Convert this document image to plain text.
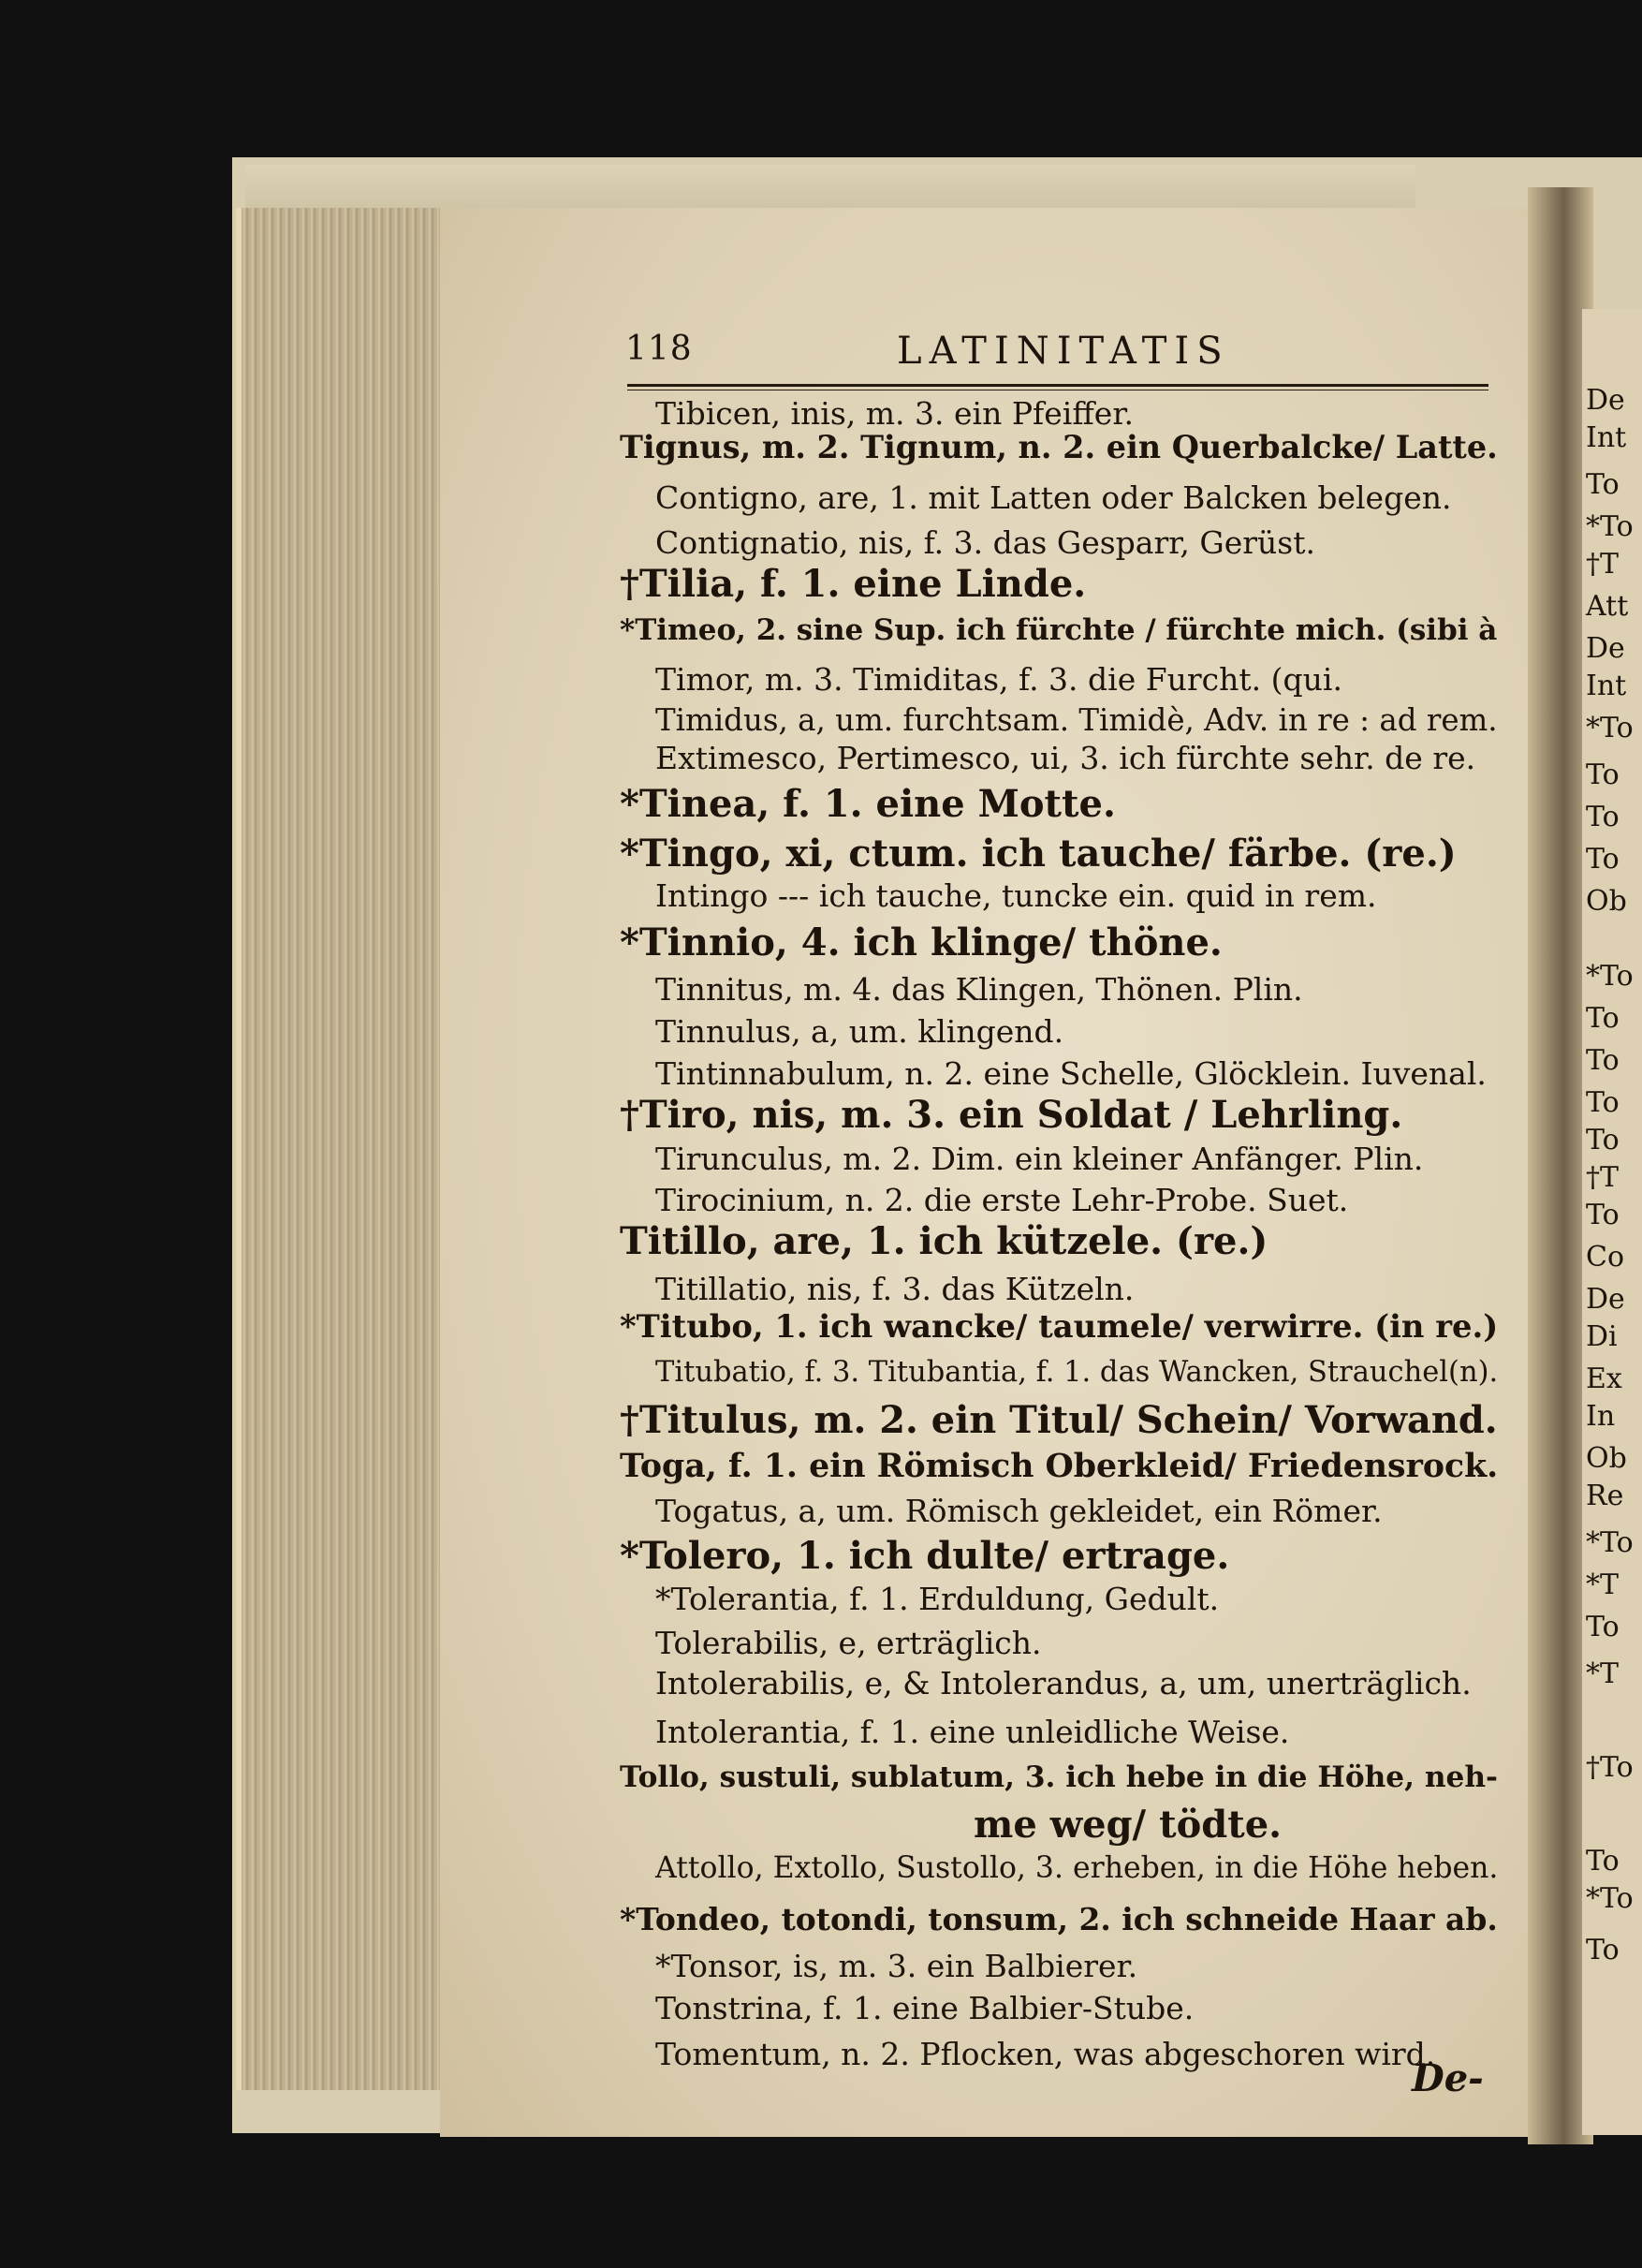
De
Int
To
*To
†T
Att
De
Int
*To
To
To
To
Ob
*To
To
To
To
To
†T
To
Co
De
Di
Ex
In
Ob
Re
*To
*T
To
*T
†To
To
*To
To
118	LATINITATIS
Tibicen, inis, m. 3. ein Pfeiffer.
Tignus, m. 2. Tignum, n. 2. ein Querbalcke/ Latte.
Contigno, are, 1. mit Latten oder Balcken belegen.
Contignatio, nis, f. 3. das Gesparr, Gerüst.
†Tilia, f. 1. eine Linde.
*Timeo, 2. sine Sup. ich fürchte / fürchte mich. (sibi à
Timor, m. 3. Timiditas, f. 3. die Furcht. (qui.
Timidus, a, um. furchtsam. Timidè, Adv. in re : ad rem.
Extimesco, Pertimesco, ui, 3. ich fürchte sehr. de re.
*Tinea, f. 1. eine Motte.
*Tingo, xi, ctum. ich tauche/ färbe. (re.)
Intingo --- ich tauche, tuncke ein. quid in rem.
*Tinnio, 4. ich klinge/ thöne.
Tinnitus, m. 4. das Klingen, Thönen. Plin.
Tinnulus, a, um. klingend.
Tintinnabulum, n. 2. eine Schelle, Glöcklein. Iuvenal.
†Tiro, nis, m. 3. ein Soldat / Lehrling.
Tirunculus, m. 2. Dim. ein kleiner Anfänger. Plin.
Tirocinium, n. 2. die erste Lehr-Probe. Suet.
Titillo, are, 1. ich kützele. (re.)
Titillatio, nis, f. 3. das Kützeln.
*Titubo, 1. ich wancke/ taumele/ verwirre. (in re.)
Titubatio, f. 3. Titubantia, f. 1. das Wancken, Strauchel(n).
†Titulus, m. 2. ein Titul/ Schein/ Vorwand.
Toga, f. 1. ein Römisch Oberkleid/ Friedensrock.
Togatus, a, um. Römisch gekleidet, ein Römer.
*Tolero, 1. ich dulte/ ertrage.
*Tolerantia, f. 1. Erduldung, Gedult.
Tolerabilis, e, erträglich.
Intolerabilis, e, & Intolerandus, a, um, unerträglich.
Intolerantia, f. 1. eine unleidliche Weise.
Tollo, sustuli, sublatum, 3. ich hebe in die Höhe, neh-
me weg/ tödte.
Attollo, Extollo, Sustollo, 3. erheben, in die Höhe heben.
*Tondeo, totondi, tonsum, 2. ich schneide Haar ab.
*Tonsor, is, m. 3. ein Balbierer.
Tonstrina, f. 1. eine Balbier-Stube.
Tomentum, n. 2. Pflocken, was abgeschoren wird.
De-
